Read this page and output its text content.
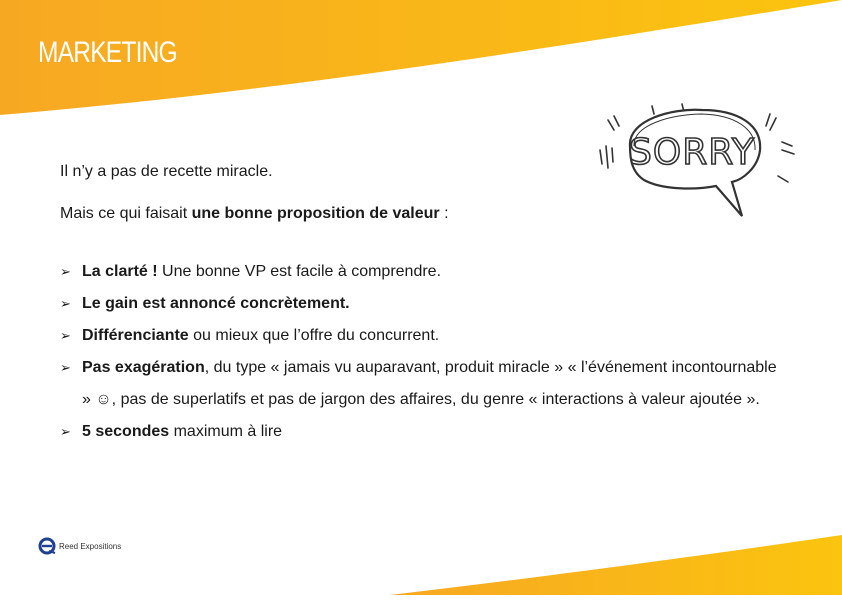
MARKETING

Il n’y a pas de recette miracle.

Mais ce qui faisait une bonne proposition de valeur :

➢ La clarté ! Une bonne VP est facile à comprendre.
➢ Le gain est annoncé concrètement.
➢ Différenciante ou mieux que l’offre du concurrent.
➢ Pas exagération, du type « jamais vu auparavant, produit miracle » « l’événement incontournable » ☺, pas de superlatifs et pas de jargon des affaires, du genre « interactions à valeur ajoutée ».
➢ 5 secondes maximum à lire
SORRY
Reed Expositions
